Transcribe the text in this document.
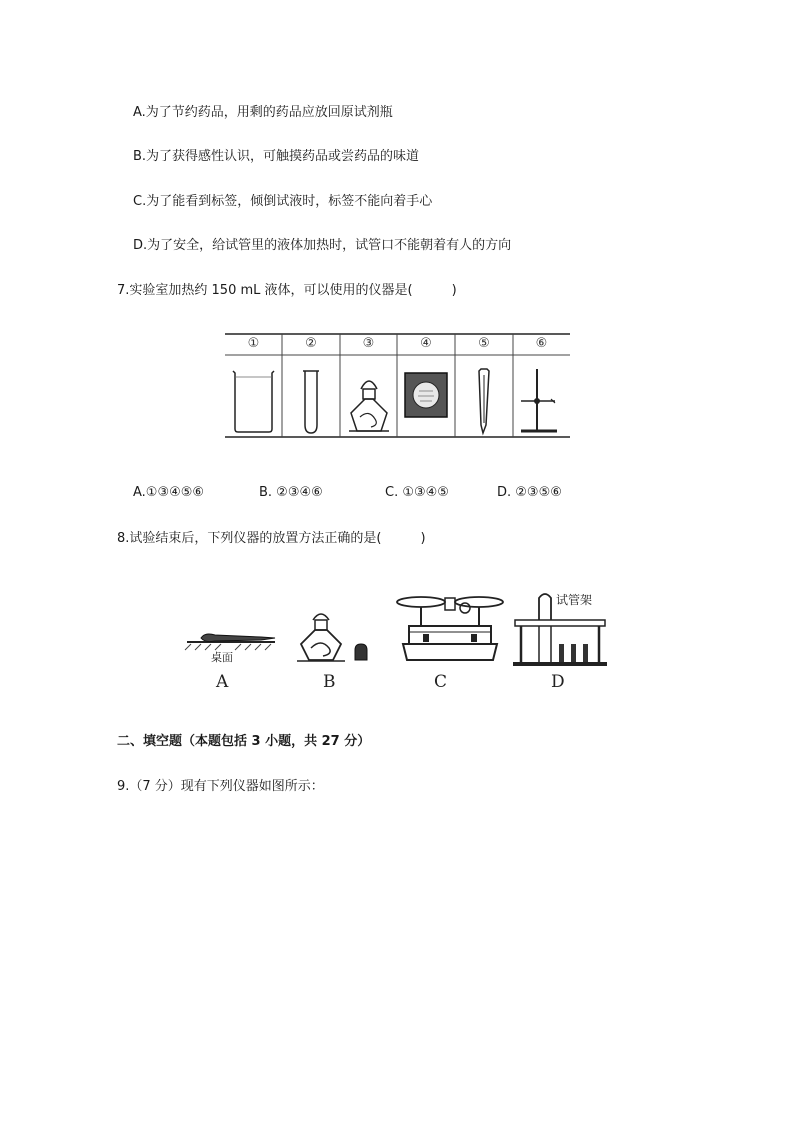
A.为了节约药品，用剩的药品应放回原试剂瓶
B.为了获得感性认识，可触摸药品或尝药品的味道
C.为了能看到标签，倾倒试液时，标签不能向着手心
D.为了安全，给试管里的液体加热时，试管口不能朝着有人的方向
7.实验室加热约 150 mL 液体，可以使用的仪器是(　　　)
①	②	③	④	⑤	⑥
A.①③④⑤⑥	B. ②③④⑥	C. ①③④⑤	D. ②③⑤⑥
8.试验结束后，下列仪器的放置方法正确的是(　　　)
桌面
试管架
A	B	C	D
二、填空题（本题包括 3 小题，共 27 分）
9.（7 分）现有下列仪器如图所示：
